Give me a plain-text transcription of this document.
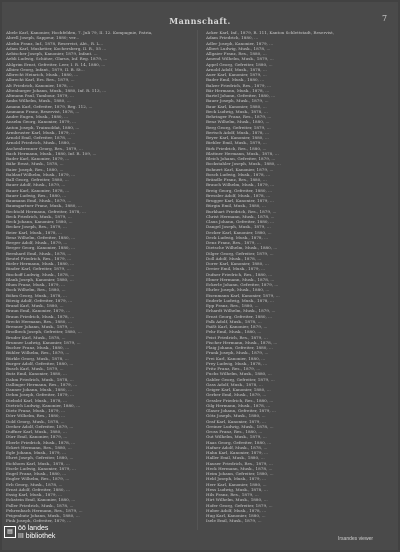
Mannschaft.	7
Abele Karl, Kanonier, Hochfelden, 7. Juli 79, II. 12. Kompagnie, Patria,
Abrell Joseph, Sappeur, 1880; ver...
Abelin Franz, Inf., 1878, Reservist, Abt., R. L...
Adam Karl, Musketier, Kochersberg, II. R., 55 ...
Aebischer Joseph, Kanonier, 1879, Infant. ...
Aebli Ludwig, Schütze, Glarus, Inf. Reg. 1879, ...
Ahlgrim Ernst, Gefreiter, Leer, I. R. 14, 1880, ...
Albiez Georg, Infant., 1879, II. B. St...
Albrecht Heinrich, Musk., 1880, ...
Albrecht Karl, Ers. Res., 1879, ...
Alt Friedrich, Kanonier, 1878, ...
Altenburger Johann, Musk., 1880, Inf. R. 113, ...
Altmann Paul, Tambour, 1879, ...
Ambs Wilhelm, Musk., 1880, ...
Amann Karl, Gefreiter, 1879, Reg. 112, ...
Ammann Franz, Reservist, 1878, ...
Andre Eugen, Musk., 1880, ...
Anselm Georg, Kanonier, 1879, ...
Anton Joseph, Trainsoldat, 1880, ...
Armbruster Karl, Musk., 1879, ...
Arnold Emil, Gefreiter, 1878, ...
Arnold Friedrich, Musk., 1880, ...
Aschenbrenner Georg, Res., 1879, ...
Bach Hermann, Musk., 1880, Inf. R. 109, ...
Bader Karl, Kanonier, 1879, ...
Bähr Ernst, Musk., 1878, ...
Baier Joseph, Res., 1880, ...
Baldauf Wilhelm, Musk., 1879, ...
Ball Georg, Gefreiter, 1880, ...
Bauer Adolf, Musk., 1879, ...
Bauer Karl, Kanonier, 1878, ...
Bauer Ludwig, Res., 1880, ...
Baumann Emil, Musk., 1879, ...
Baumgartner Franz, Musk., 1880, ...
Bechtold Hermann, Gefreiter, 1878, ...
Beck Friedrich, Musk., 1879, ...
Beck Johann, Kanonier, 1880, ...
Becker Joseph, Res., 1879, ...
Beier Karl, Musk., 1878, ...
Benz Wilhelm, Gefreiter, 1880, ...
Berger Adolf, Musk., 1879, ...
Berger Georg, Kanonier, 1880, ...
Bernhard Emil, Musk., 1878, ...
Beutel Friedrich, Res., 1879, ...
Bieler Hermann, Musk., 1880, ...
Binder Karl, Gefreiter, 1879, ...
Bischoff Ludwig, Musk., 1878, ...
Blank Joseph, Kanonier, 1880, ...
Blum Franz, Musk., 1879, ...
Bock Wilhelm, Res., 1880, ...
Böhm Georg, Musk., 1878, ...
Börsig Adolf, Gefreiter, 1879, ...
Brand Karl, Musk., 1880, ...
Braun Emil, Kanonier, 1879, ...
Braun Friedrich, Musk., 1878, ...
Brecht Hermann, Res., 1880, ...
Brenner Johann, Musk., 1879, ...
Brodbeck Joseph, Gefreiter, 1880, ...
Bruder Karl, Musk., 1878, ...
Brunner Ludwig, Kanonier, 1879, ...
Bucher Franz, Musk., 1880, ...
Bühler Wilhelm, Res., 1879, ...
Bürkle Georg, Musk., 1878, ...
Burger Adolf, Gefreiter, 1880, ...
Busch Karl, Musk., 1879, ...
Butz Emil, Kanonier, 1880, ...
Dahm Friedrich, Musk., 1878, ...
Dallinger Hermann, Res., 1879, ...
Danner Johann, Musk., 1880, ...
Dehm Joseph, Gefreiter, 1879, ...
Diebold Karl, Musk., 1878, ...
Dietrich Ludwig, Kanonier, 1880, ...
Dietz Franz, Musk., 1879, ...
Dörr Wilhelm, Res., 1880, ...
Dold Georg, Musk., 1878, ...
Dreher Adolf, Gefreiter, 1879, ...
Duffner Karl, Musk., 1880, ...
Dürr Emil, Kanonier, 1879, ...
Eberle Friedrich, Musk., 1878, ...
Eckert Hermann, Res., 1880, ...
Egle Johann, Musk., 1879, ...
Ehret Joseph, Gefreiter, 1880, ...
Eichhorn Karl, Musk., 1878, ...
Eisele Ludwig, Kanonier, 1879, ...
Engel Franz, Musk., 1880, ...
Engler Wilhelm, Res., 1879, ...
Erb Georg, Musk., 1878, ...
Ernst Adolf, Gefreiter, 1880, ...
Essig Karl, Musk., 1879, ...
Eckstein Emil, Kanonier, 1880, ...
Faller Friedrich, Musk., 1878, ...
Fehrenbach Hermann, Res., 1879, ...
Feigenbutz Johann, Musk., 1880, ...
Fink Joseph, Gefreiter, 1879, ...
Acker Karl, Inf., 1879, R. 111, Kanton Schlettstadt, Reservist,
Adam Friedrich, 1880, ...
Adler Joseph, Kanonier, 1879, ...
Albert Ludwig, Musk., 1878, ...
Allgaier Franz, Res., 1880, ...
Amend Wilhelm, Musk., 1879, ...
Appel Georg, Gefreiter, 1880, ...
Arnold Adolf, Musk., 1878, ...
Auer Karl, Kanonier, 1879, ...
Bader Emil, Musk., 1880, ...
Balzer Friedrich, Res., 1879, ...
Bär Hermann, Musk., 1878, ...
Bartel Johann, Gefreiter, 1880, ...
Bauer Joseph, Musk., 1879, ...
Baur Karl, Kanonier, 1880, ...
Beck Ludwig, Musk., 1878, ...
Behringer Franz, Res., 1879, ...
Benz Wilhelm, Musk., 1880, ...
Berg Georg, Gefreiter, 1879, ...
Bertsch Adolf, Musk., 1878, ...
Beyer Karl, Kanonier, 1880, ...
Biehler Emil, Musk., 1879, ...
Birk Friedrich, Res., 1880, ...
Blattner Hermann, Musk., 1878, ...
Bleich Johann, Gefreiter, 1879, ...
Bockstahler Joseph, Musk., 1880, ...
Bohnert Karl, Kanonier, 1879, ...
Bosch Ludwig, Musk., 1878, ...
Brändle Franz, Res., 1880, ...
Brauch Wilhelm, Musk., 1879, ...
Breig Georg, Gefreiter, 1880, ...
Bressler Adolf, Musk., 1878, ...
Brugger Karl, Kanonier, 1879, ...
Bürgin Emil, Musk., 1880, ...
Burkhart Friedrich, Res., 1879, ...
Christ Hermann, Musk., 1878, ...
Claus Johann, Gefreiter, 1880, ...
Dangel Joseph, Musk., 1879, ...
Decker Karl, Kanonier, 1880, ...
Deck Ludwig, Musk., 1878, ...
Denz Franz, Res., 1879, ...
Dietsche Wilhelm, Musk., 1880, ...
Dilger Georg, Gefreiter, 1879, ...
Doll Adolf, Musk., 1878, ...
Dorer Karl, Kanonier, 1880, ...
Dreier Emil, Musk., 1879, ...
Dufner Friedrich, Res., 1880, ...
Ebner Hermann, Musk., 1878, ...
Eckerle Johann, Gefreiter, 1879, ...
Ehrler Joseph, Musk., 1880, ...
Eisenmann Karl, Kanonier, 1879, ...
Enderle Ludwig, Musk., 1878, ...
Epp Franz, Res., 1880, ...
Erhardt Wilhelm, Musk., 1879, ...
Ernst Georg, Gefreiter, 1880, ...
Falk Adolf, Musk., 1878, ...
Faißt Karl, Kanonier, 1879, ...
Fehr Emil, Musk., 1880, ...
Feist Friedrich, Res., 1879, ...
Fischer Hermann, Musk., 1878, ...
Flaig Johann, Gefreiter, 1880, ...
Frank Joseph, Musk., 1879, ...
Frei Karl, Kanonier, 1880, ...
Frey Ludwig, Musk., 1878, ...
Fritz Franz, Res., 1879, ...
Fuchs Wilhelm, Musk., 1880, ...
Gabler Georg, Gefreiter, 1879, ...
Gass Adolf, Musk., 1878, ...
Geiger Karl, Kanonier, 1880, ...
Gerber Emil, Musk., 1879, ...
Gessler Friedrich, Res., 1880, ...
Gilg Hermann, Musk., 1878, ...
Glaser Johann, Gefreiter, 1879, ...
Götz Joseph, Musk., 1880, ...
Graf Karl, Kanonier, 1879, ...
Greiner Ludwig, Musk., 1878, ...
Gross Franz, Res., 1880, ...
Gut Wilhelm, Musk., 1879, ...
Haas Georg, Gefreiter, 1880, ...
Hafner Adolf, Musk., 1878, ...
Hahn Karl, Kanonier, 1879, ...
Haller Emil, Musk., 1880, ...
Hauser Friedrich, Res., 1879, ...
Heck Hermann, Musk., 1878, ...
Heim Johann, Gefreiter, 1880, ...
Held Joseph, Musk., 1879, ...
Herr Karl, Kanonier, 1880, ...
Hess Ludwig, Musk., 1878, ...
Hils Franz, Res., 1879, ...
Hirt Wilhelm, Musk., 1880, ...
Hofer Georg, Gefreiter, 1879, ...
Huber Adolf, Musk., 1878, ...
Hug Karl, Kanonier, 1880, ...
Isele Emil, Musk., 1879, ...
▤ ōō landes
III bibliothek	Irsandes viewer
